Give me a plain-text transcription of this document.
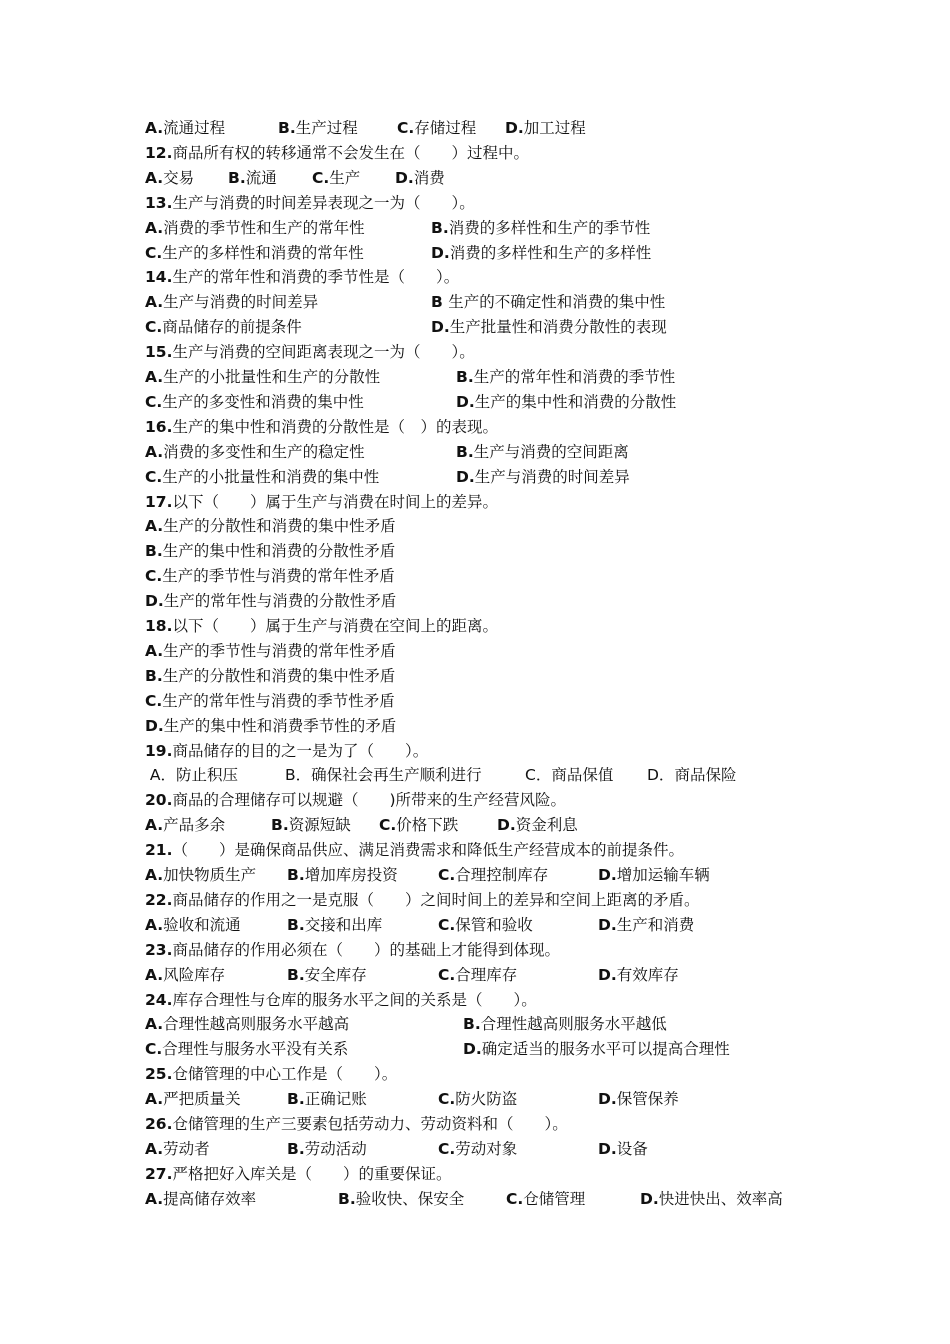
A.流通过程	B.生产过程	C.存储过程 D.加工过程
12.商品所有权的转移通常不会发生在（　　）过程中。
A.交易 B.流通 C.生产 D.消费
13.生产与消费的时间差异表现之一为（　　）。
A.消费的季节性和生产的常年性	B.消费的多样性和生产的季节性
C.生产的多样性和消费的常年性	D.消费的多样性和生产的多样性
14.生产的常年性和消费的季节性是（　　）。
A.生产与消费的时间差异	B 生产的不确定性和消费的集中性
C.商品储存的前提条件	D.生产批量性和消费分散性的表现
15.生产与消费的空间距离表现之一为（　　）。
A.生产的小批量性和生产的分散性	B.生产的常年性和消费的季节性
C.生产的多变性和消费的集中性	D.生产的集中性和消费的分散性
16.生产的集中性和消费的分散性是（　）的表现。
A.消费的多变性和生产的稳定性	B.生产与消费的空间距离
C.生产的小批量性和消费的集中性	D.生产与消费的时间差异
17.以下（　　）属于生产与消费在时间上的差异。
A.生产的分散性和消费的集中性矛盾
B.生产的集中性和消费的分散性矛盾
C.生产的季节性与消费的常年性矛盾
D.生产的常年性与消费的分散性矛盾
18.以下（　　）属于生产与消费在空间上的距离。
A.生产的季节性与消费的常年性矛盾
B.生产的分散性和消费的集中性矛盾
C.生产的常年性与消费的季节性矛盾
D.生产的集中性和消费季节性的矛盾
19.商品储存的目的之一是为了（　　）。
A．防止积压	B．确保社会再生产顺利进行	C．商品保值 D．商品保险
20.商品的合理储存可以规避（　　)所带来的生产经营风险。
A.产品多余	B.资源短缺 C.价格下跌 D.资金利息
21.（　　）是确保商品供应、满足消费需求和降低生产经营成本的前提条件。
A.加快物质生产 B.增加库房投资	C.合理控制库存	D.增加运输车辆
22.商品储存的作用之一是克服（　　）之间时间上的差异和空间上距离的矛盾。
A.验收和流通	B.交接和出库	C.保管和验收	D.生产和消费
23.商品储存的作用必须在（　　）的基础上才能得到体现。
A.风险库存	B.安全库存	C.合理库存	D.有效库存
24.库存合理性与仓库的服务水平之间的关系是（　　）。
A.合理性越高则服务水平越高	B.合理性越高则服务水平越低
C.合理性与服务水平没有关系	D.确定适当的服务水平可以提高合理性
25.仓储管理的中心工作是（　　）。
A.严把质量关	B.正确记账	C.防火防盗	D.保管保养
26.仓储管理的生产三要素包括劳动力、劳动资料和（　　）。
A.劳动者	B.劳动活动	C.劳动对象	D.设备
27.严格把好入库关是（　　）的重要保证。
A.提高储存效率	B.验收快、保安全	C.仓储管理	D.快进快出、效率高
